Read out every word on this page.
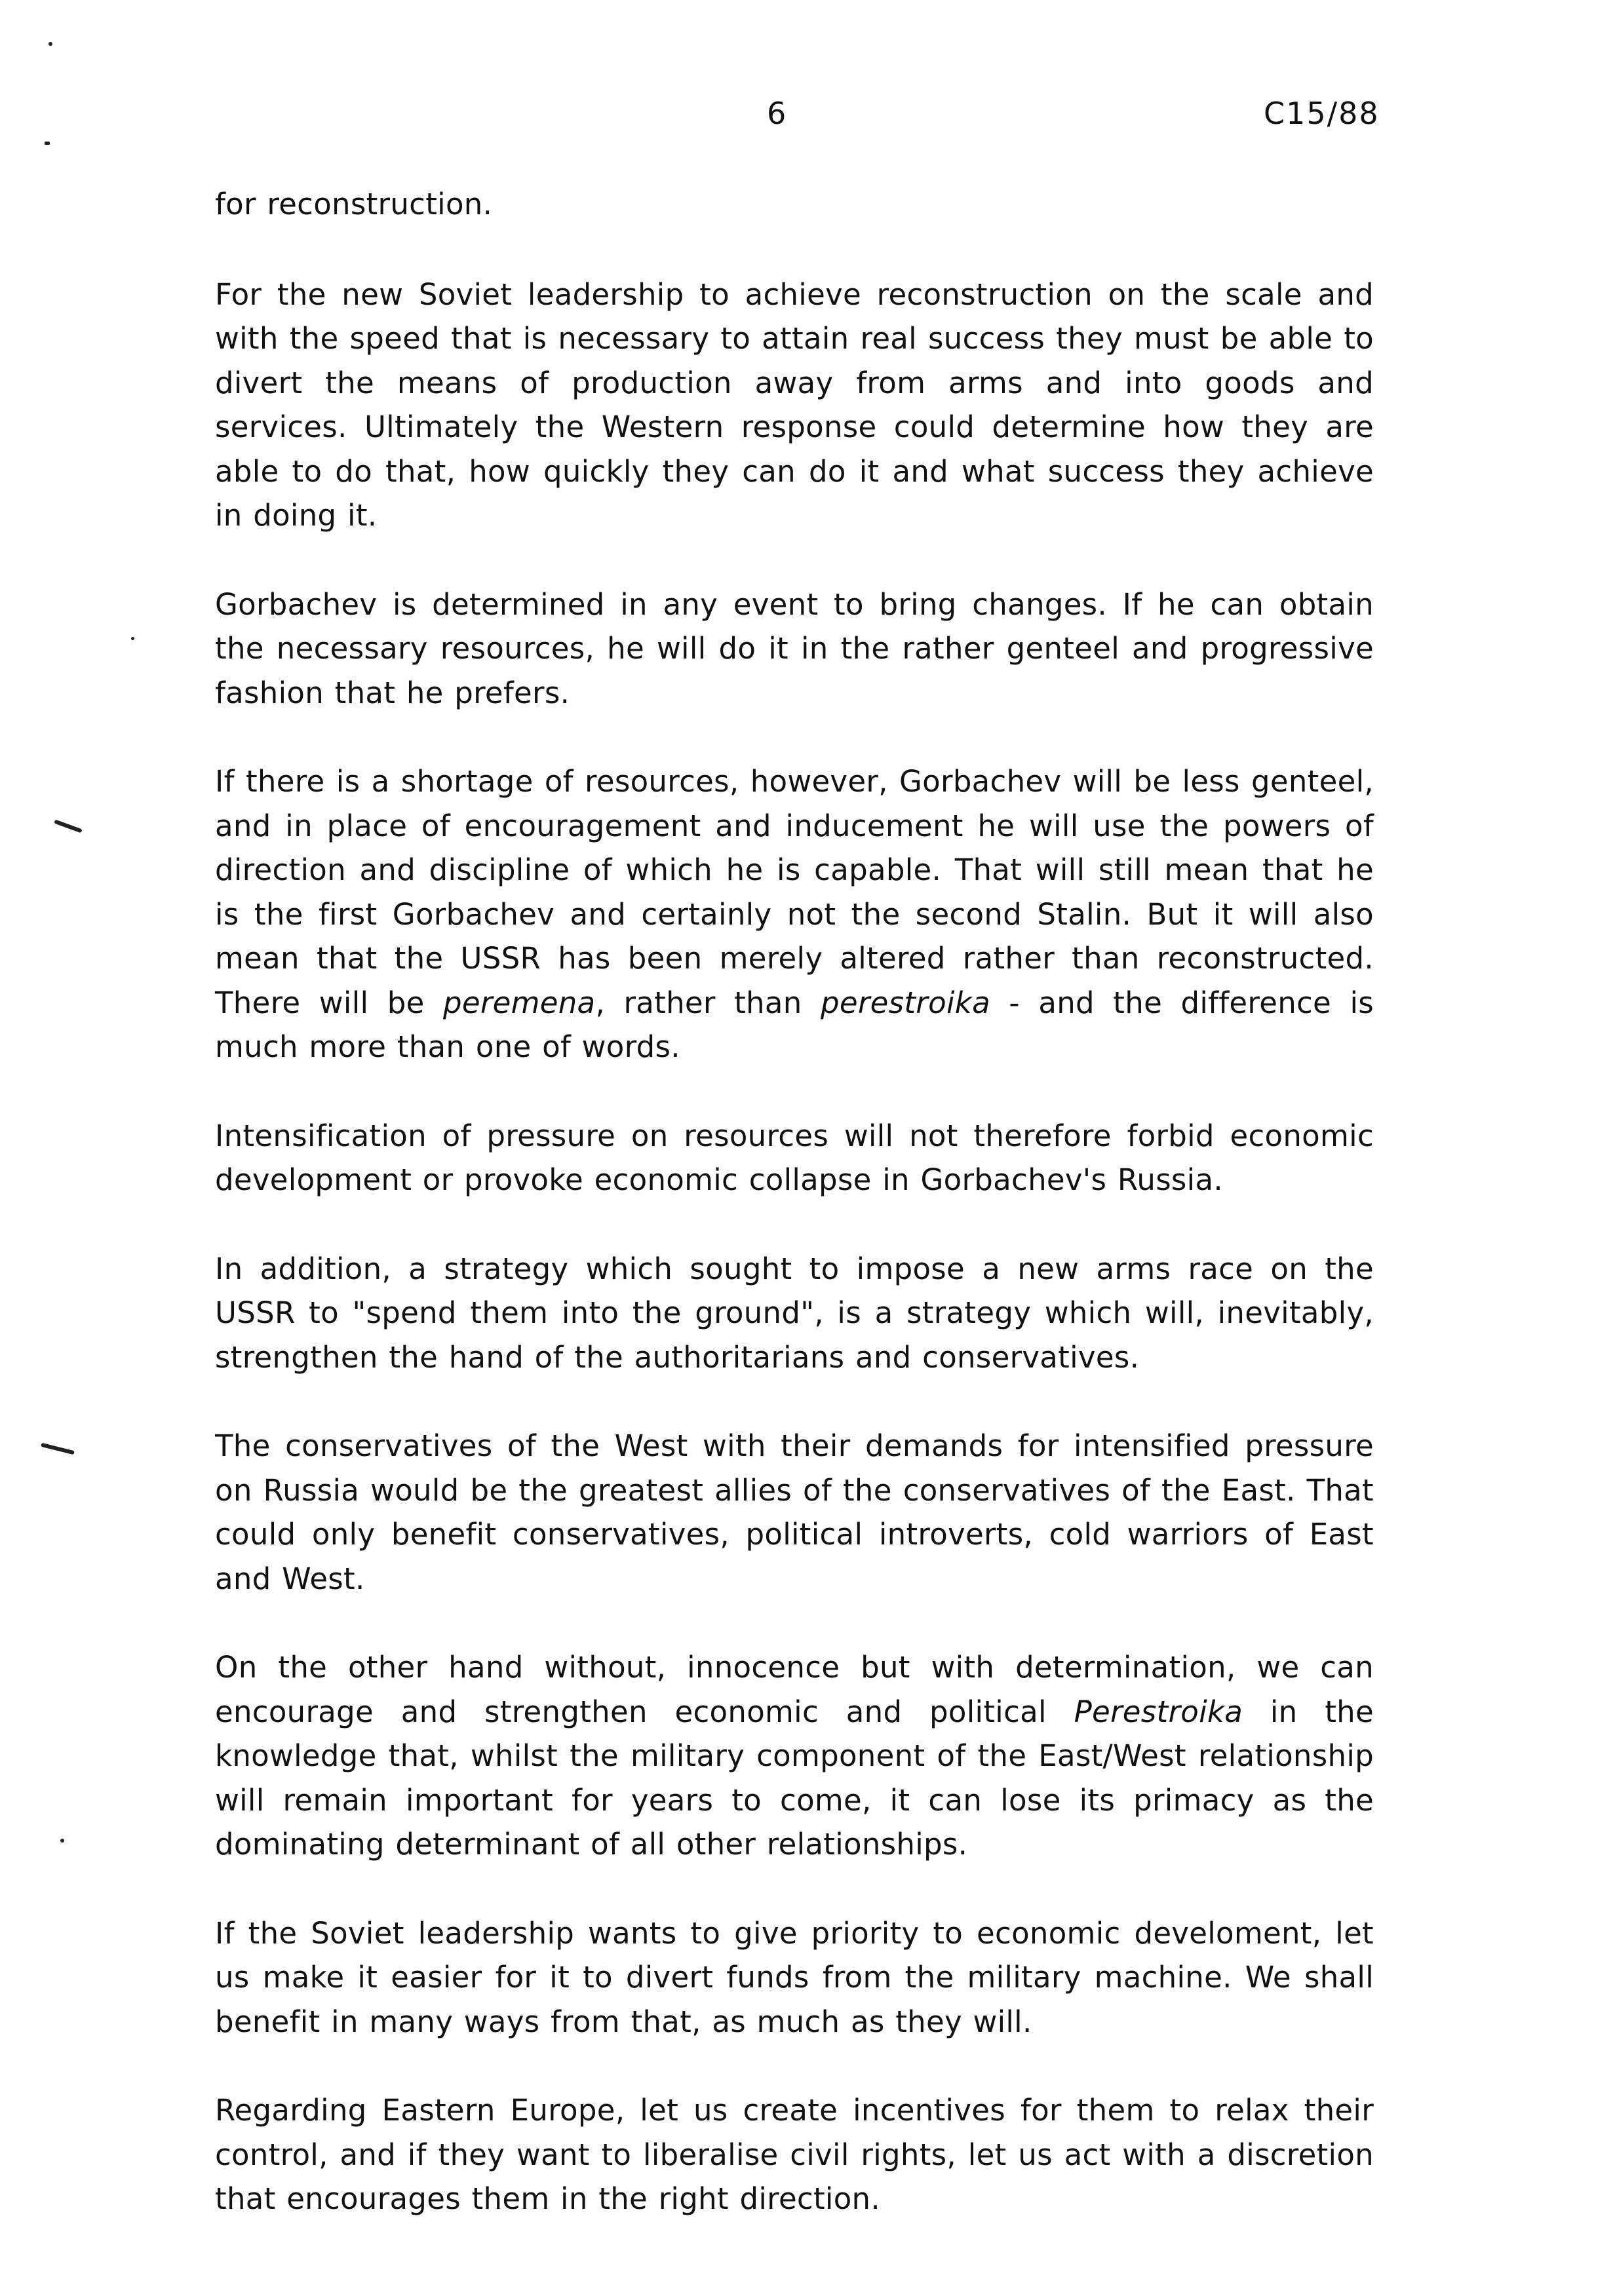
6	C15/88

for reconstruction.

For the new Soviet leadership to achieve reconstruction on the scale and with the speed that is necessary to attain real success they must be able to divert the means of production away from arms and into goods and services. Ultimately the Western response could determine how they are able to do that, how quickly they can do it and what success they achieve in doing it.

Gorbachev is determined in any event to bring changes. If he can obtain the necessary resources, he will do it in the rather genteel and progressive fashion that he prefers.

If there is a shortage of resources, however, Gorbachev will be less genteel, and in place of encouragement and inducement he will use the powers of direction and discipline of which he is capable. That will still mean that he is the first Gorbachev and certainly not the second Stalin. But it will also mean that the USSR has been merely altered rather than reconstructed. There will be peremena, rather than perestroika - and the difference is much more than one of words.

Intensification of pressure on resources will not therefore forbid economic development or provoke economic collapse in Gorbachev's Russia.

In addition, a strategy which sought to impose a new arms race on the USSR to "spend them into the ground", is a strategy which will, inevitably, strengthen the hand of the authoritarians and conservatives.

The conservatives of the West with their demands for intensified pressure on Russia would be the greatest allies of the conservatives of the East. That could only benefit conservatives, political introverts, cold warriors of East and West.

On the other hand without, innocence but with determination, we can encourage and strengthen economic and political Perestroika in the knowledge that, whilst the military component of the East/West relationship will remain important for years to come, it can lose its primacy as the dominating determinant of all other relationships.

If the Soviet leadership wants to give priority to economic develoment, let us make it easier for it to divert funds from the military machine. We shall benefit in many ways from that, as much as they will.

Regarding Eastern Europe, let us create incentives for them to relax their control, and if they want to liberalise civil rights, let us act with a discretion that encourages them in the right direction.
